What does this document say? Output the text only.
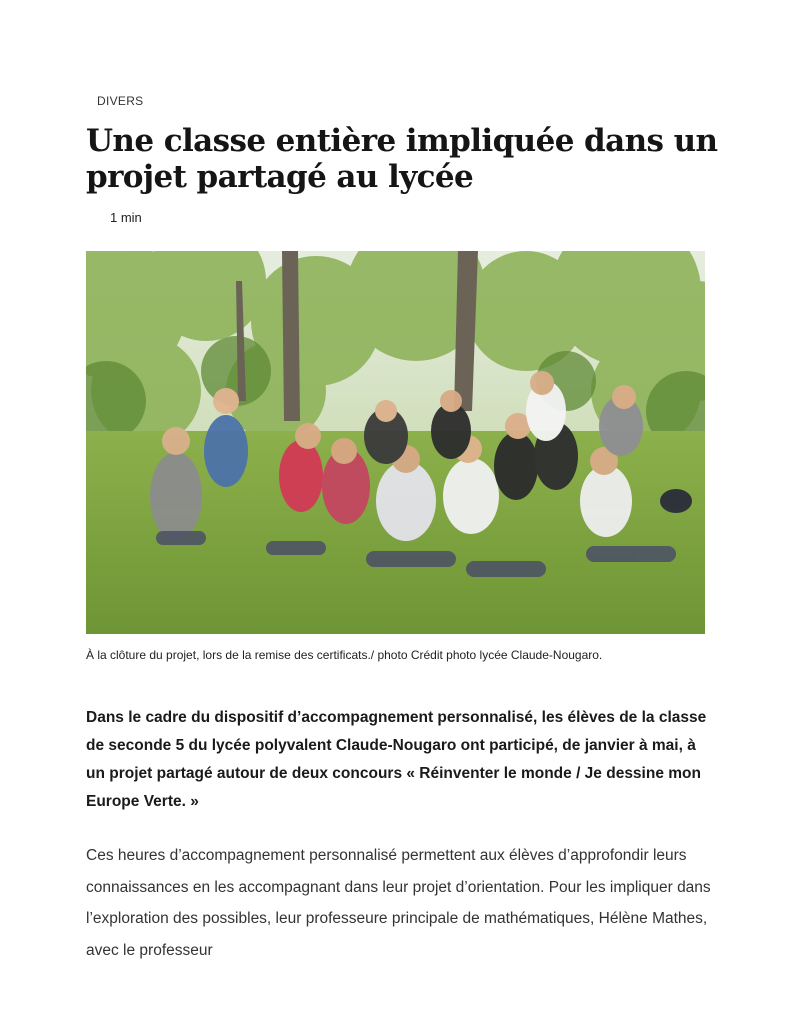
DIVERS
Une classe entière impliquée dans un projet partagé au lycée
1 min
À la clôture du projet, lors de la remise des certificats./ photo Crédit photo lycée Claude-Nougaro.

Dans le cadre du dispositif d’accompagnement personnalisé, les élèves de la classe de seconde 5 du lycée polyvalent Claude-Nougaro ont participé, de janvier à mai, à un projet partagé autour de deux concours « Réinventer le monde / Je dessine mon Europe Verte. »

Ces heures d’accompagnement personnalisé permettent aux élèves d’approfondir leurs connaissances en les accompagnant dans leur projet d’orientation. Pour les impliquer dans l’exploration des possibles, leur professeure principale de mathématiques, Hélène Mathes, avec le professeur
